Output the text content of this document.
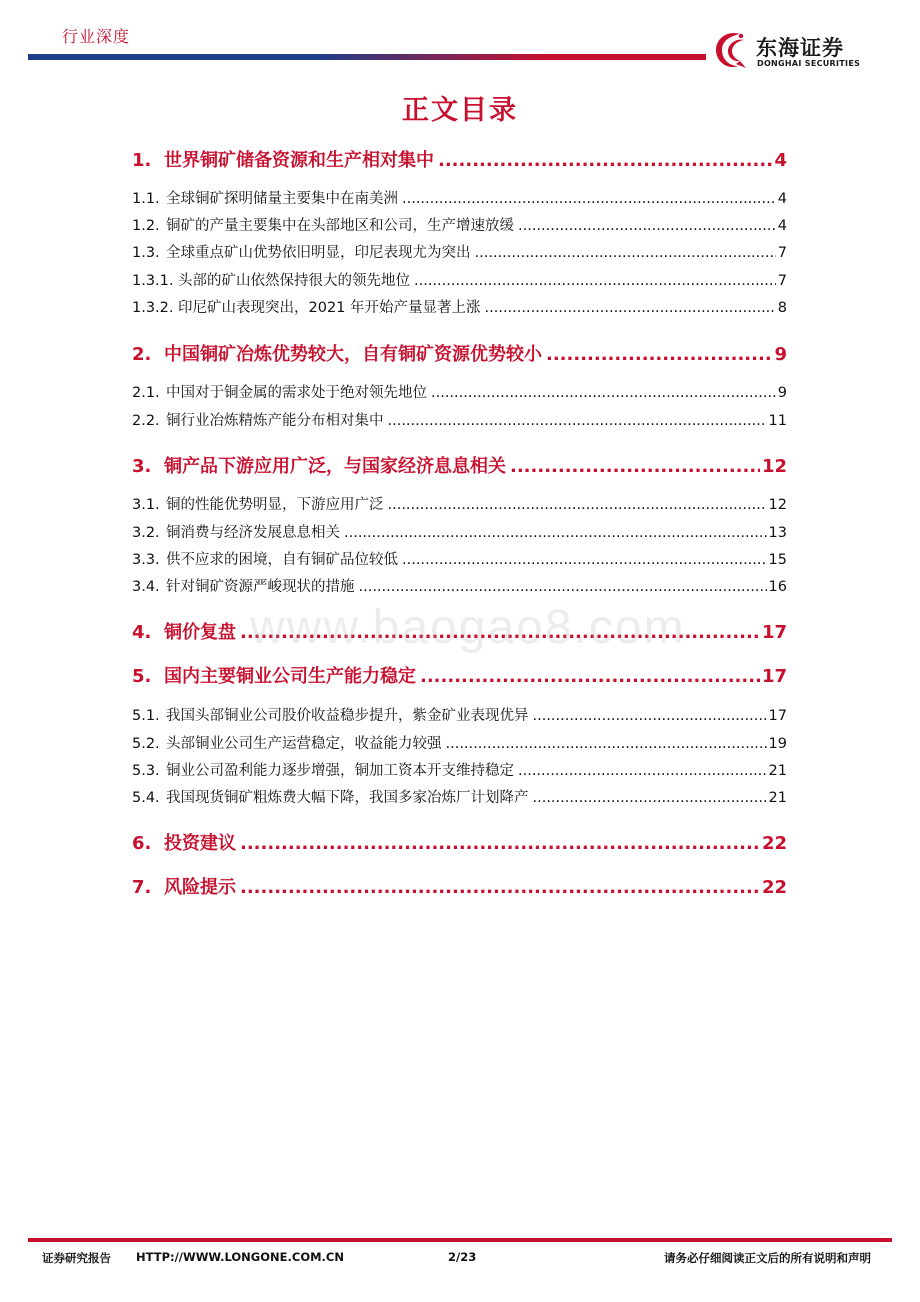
行业深度	东海证券
DONGHAI SECURITIES
正文目录
1. 世界铜矿储备资源和生产相对集中 .....	4
1.1. 全球铜矿探明储量主要集中在南美洲 .....	4
1.2. 铜矿的产量主要集中在头部地区和公司，生产增速放缓 .....	4
1.3. 全球重点矿山优势依旧明显，印尼表现尤为突出 .....	7
1.3.1. 头部的矿山依然保持很大的领先地位 .....	7
1.3.2. 印尼矿山表现突出，2021 年开始产量显著上涨 .....	8
2. 中国铜矿冶炼优势较大，自有铜矿资源优势较小 .....	9
2.1. 中国对于铜金属的需求处于绝对领先地位 .....	9
2.2. 铜行业冶炼精炼产能分布相对集中 .....	11
3. 铜产品下游应用广泛，与国家经济息息相关 .....	12
3.1. 铜的性能优势明显，下游应用广泛 .....	12
3.2. 铜消费与经济发展息息相关 .....	13
3.3. 供不应求的困境，自有铜矿品位较低 .....	15
3.4. 针对铜矿资源严峻现状的措施 .....	16
4. 铜价复盘 .....	17
5. 国内主要铜业公司生产能力稳定 .....	17
5.1. 我国头部铜业公司股价收益稳步提升，紫金矿业表现优异 .....	17
5.2. 头部铜业公司生产运营稳定，收益能力较强 .....	19
5.3. 铜业公司盈利能力逐步增强，铜加工资本开支维持稳定 .....	21
5.4. 我国现货铜矿粗炼费大幅下降，我国多家冶炼厂计划降产 .....	21
6. 投资建议 .....	22
7. 风险提示 .....	22
www.baogao8.com
证券研究报告 HTTP://WWW.LONGONE.COM.CN	2/23	请务必仔细阅读正文后的所有说明和声明
